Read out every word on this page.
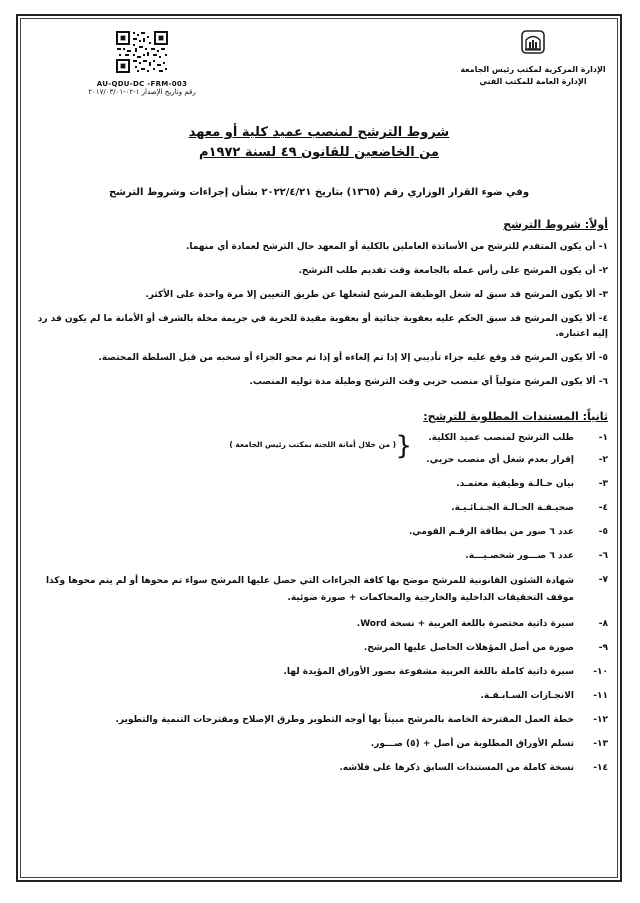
الإدارة المركزية لمكتب رئيس الجامعة
الإدارة العامة للمكتب الفني
AU-QDU-DC -FRM-003
رقم وتاريخ الإصدار ١-٠٢-٢٠١٧/٠٣/٠١
شروط الترشح لمنصب عميد كلية أو معهد
من الخاضعين للقانون ٤٩ لسنة ١٩٧٢م
وفي ضوء القرار الوزاري رقم (١٣٦٥) بتاريخ ٢٠٢٢/٤/٢١ بشأن إجراءات وشروط الترشح
أولاً: شروط الترشح
١- أن يكون المتقدم للترشح من الأساتذة العاملين بالكلية أو المعهد حال الترشح لعمادة أي منهما.
٢- أن يكون المرشح على رأس عمله بالجامعة وقت تقديم طلب الترشح.
٣- ألا يكون المرشح قد سبق له شغل الوظيفة المرشح لشغلها عن طريق التعيين إلا مرة واحدة على الأكثر.
٤- ألا يكون المرشح قد سبق الحكم عليه بعقوبة جنائية أو بعقوبة مقيدة للحرية في جريمة مخلة بالشرف أو الأمانة ما لم يكون قد رد إليه اعتباره.
٥- ألا يكون المرشح قد وقع عليه جزاء تأديبي إلا إذا تم إلغاءه أو إذا تم محو الجزاء أو سحبه من قبل السلطة المختصة.
٦- ألا يكون المرشح متولياً أي منصب حزبي وقت الترشح وطيلة مدة توليه المنصب.
ثانياً: المستندات المطلوبة للترشح:
{
( من خلال أمانة اللجنة بمكتب رئيس الجامعة )
١-
طلب الترشح لمنصب عميد الكلية.
٢-
إقرار بعدم شغل أي منصب حزبي.
٣-
بيان حـالـة وظيفية معتمـد.
٤-
صحيـفـة الحـالـة الجـنـائـيـة.
٥-
عدد ٦ صور من بطاقة الرقـم القومي.
٦-
عدد ٦ صـــور شخصـيـــة.
٧-
شهادة الشئون القانونية للمرشح موضح بها كافة الجزاءات التي حصل عليها المرشح سواء تم محوها أو لم يتم محوها وكذا موقف التحقيقات الداخلية والخارجية والمحاكمات + صورة ضوئية.
٨-
سيرة ذاتية مختصرة باللغة العربية + نسخة Word.
٩-
صورة من أصل المؤهلات الحاصل عليها المرشح.
١٠-
سيرة ذاتية كاملة باللغة العربية مشفوعة بصور الأوراق المؤيدة لها.
١١-
الانجـازات السـابـقـة.
١٢-
خطة العمل المقترحة الخاصة بالمرشح مبيناً بها أوجه التطوير وطرق الإصلاح ومقترحات التنمية والتطوير.
١٣-
تسلم الأوراق المطلوبة من أصل + (٥) صـــور.
١٤-
نسخة كاملة من المستندات السابق ذكرها على فلاشه.
